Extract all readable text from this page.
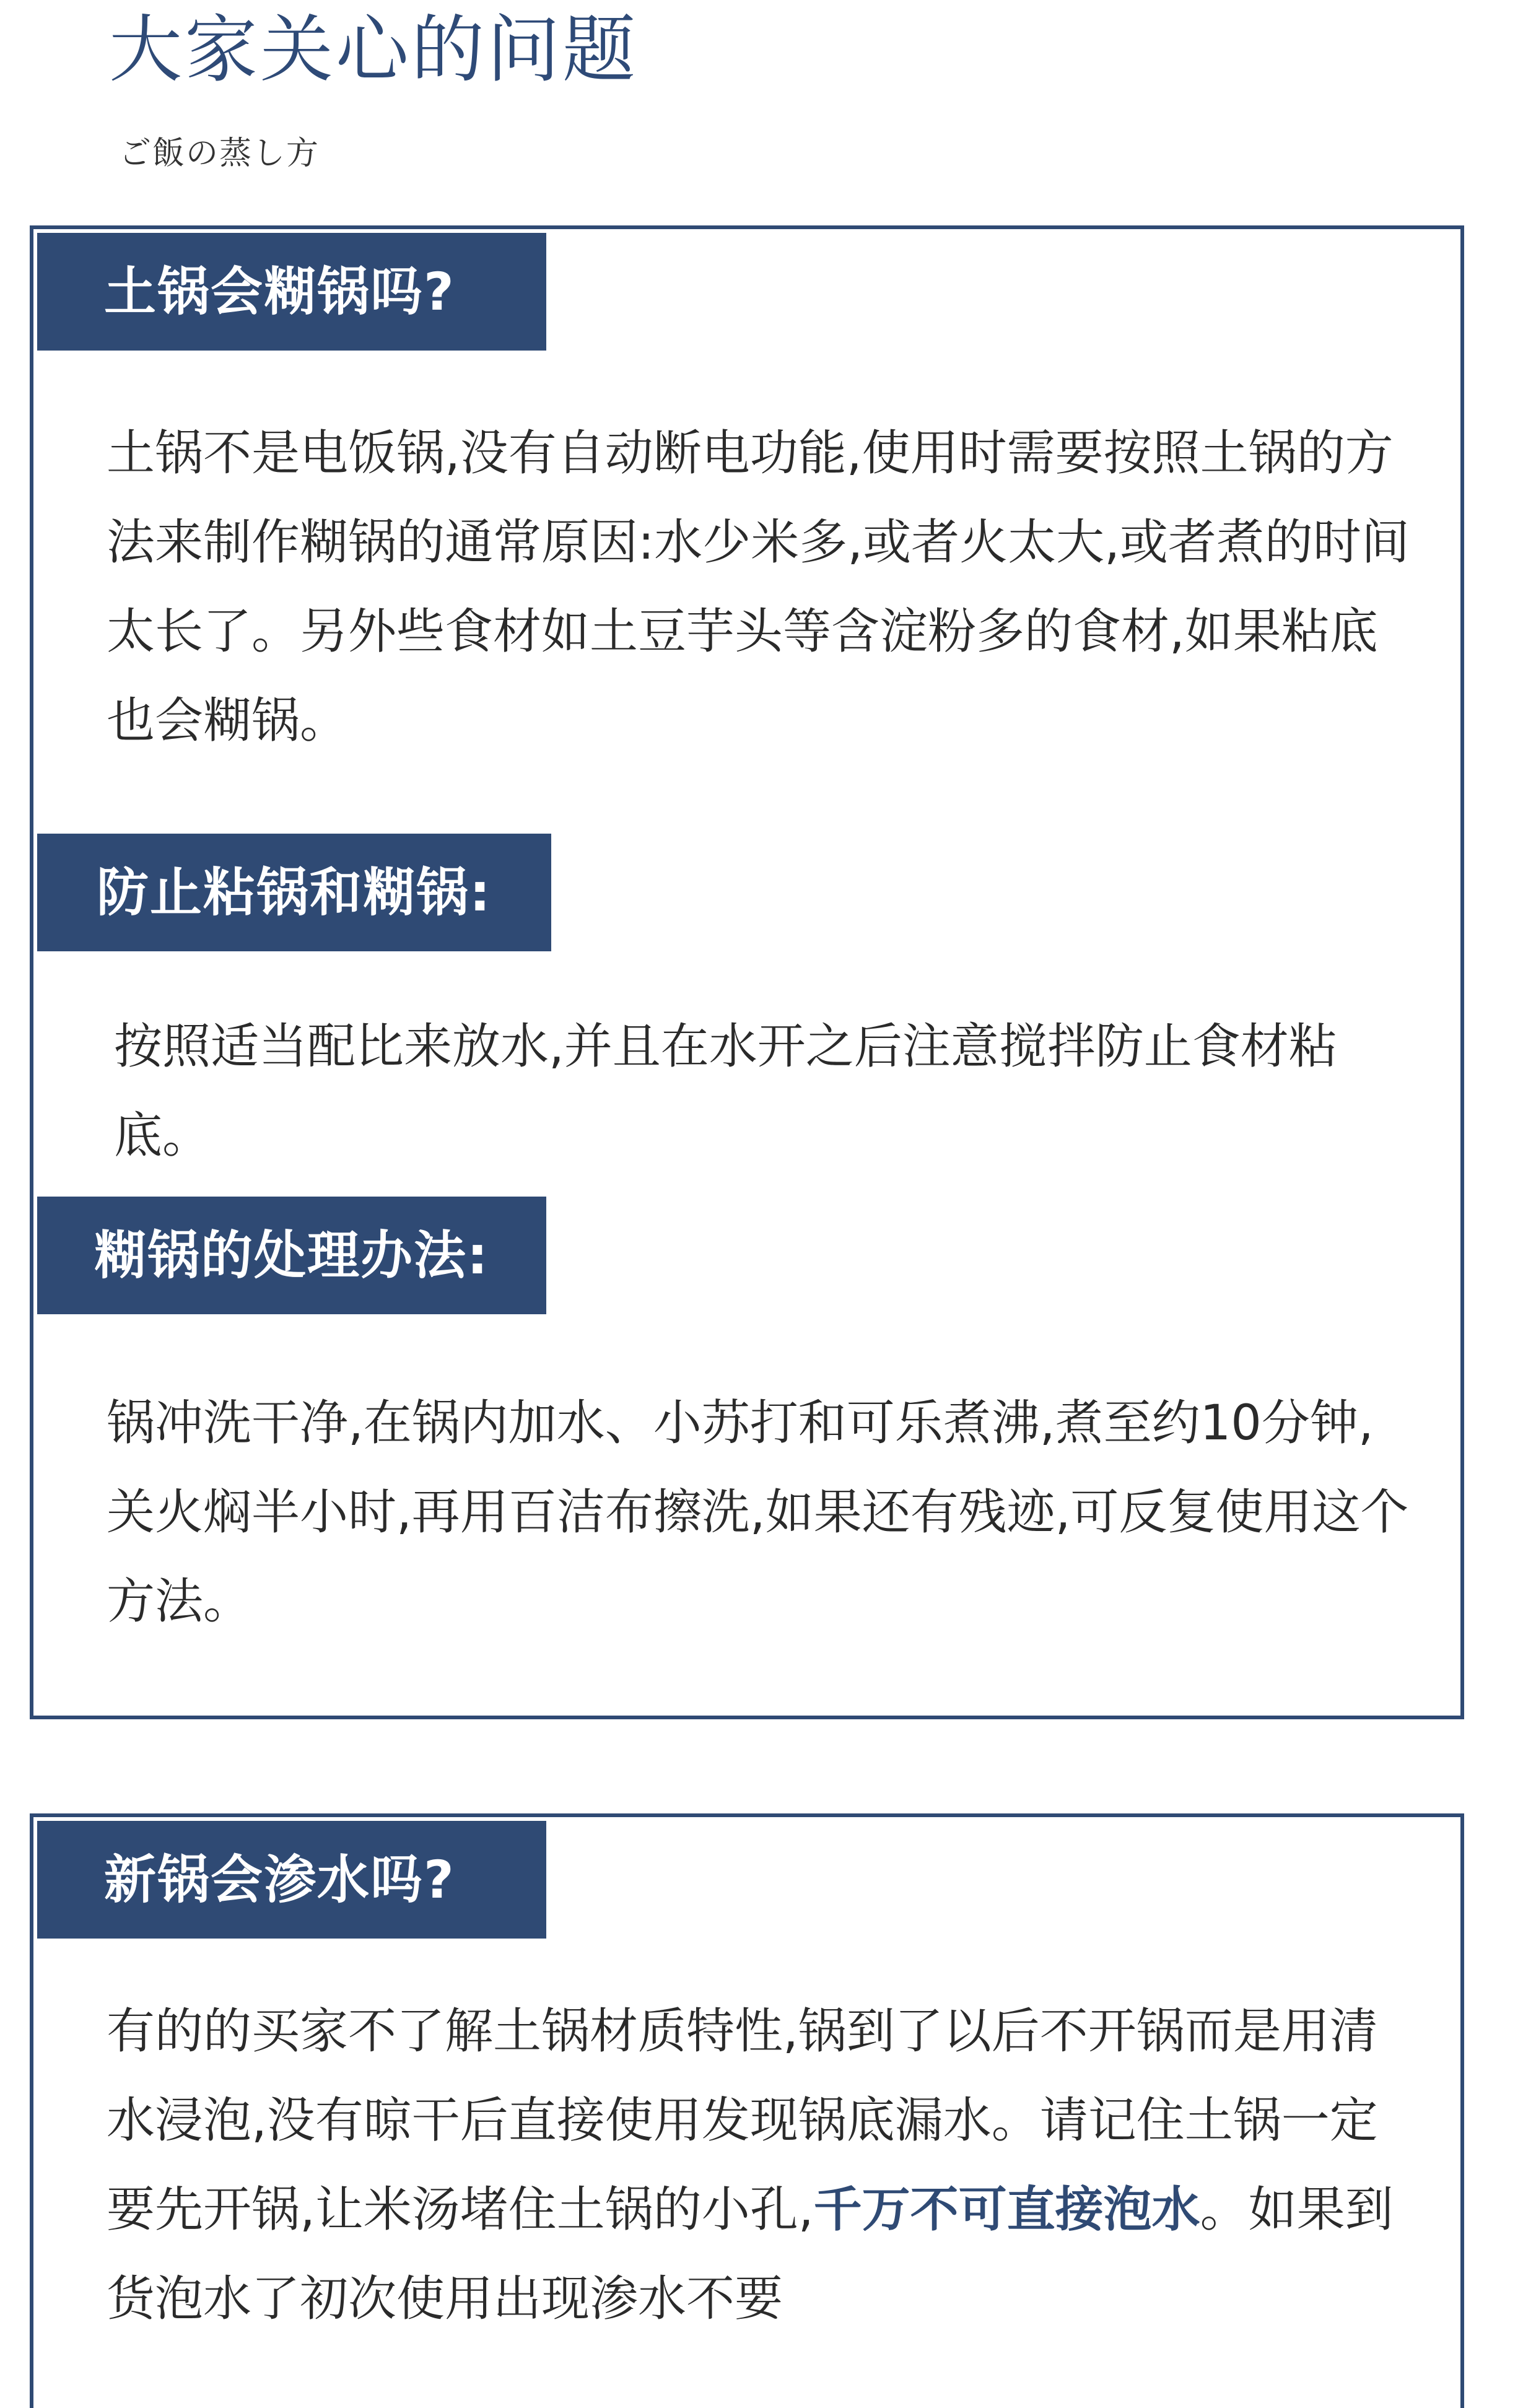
大家关心的问题
ご飯の蒸し方
土锅会糊锅吗?

土锅不是电饭锅,没有自动断电功能,使用时需要按照土锅的方法来制作糊锅的通常原因:水少米多,或者火太大,或者煮的时间太长了。另外些食材如土豆芋头等含淀粉多的食材,如果粘底也会糊锅。

防止粘锅和糊锅:

按照适当配比来放水,并且在水开之后注意搅拌防止食材粘底。

糊锅的处理办法:

锅冲洗干净,在锅内加水、小苏打和可乐煮沸,煮至约10分钟,关火焖半小时,再用百洁布擦洗,如果还有残迹,可反复使用这个方法。

新锅会渗水吗?

有的的买家不了解土锅材质特性,锅到了以后不开锅而是用清水浸泡,没有晾干后直接使用发现锅底漏水。请记住土锅一定要先开锅,让米汤堵住土锅的小孔,千万不可直接泡水。如果到货泡水了初次使用出现渗水不要
